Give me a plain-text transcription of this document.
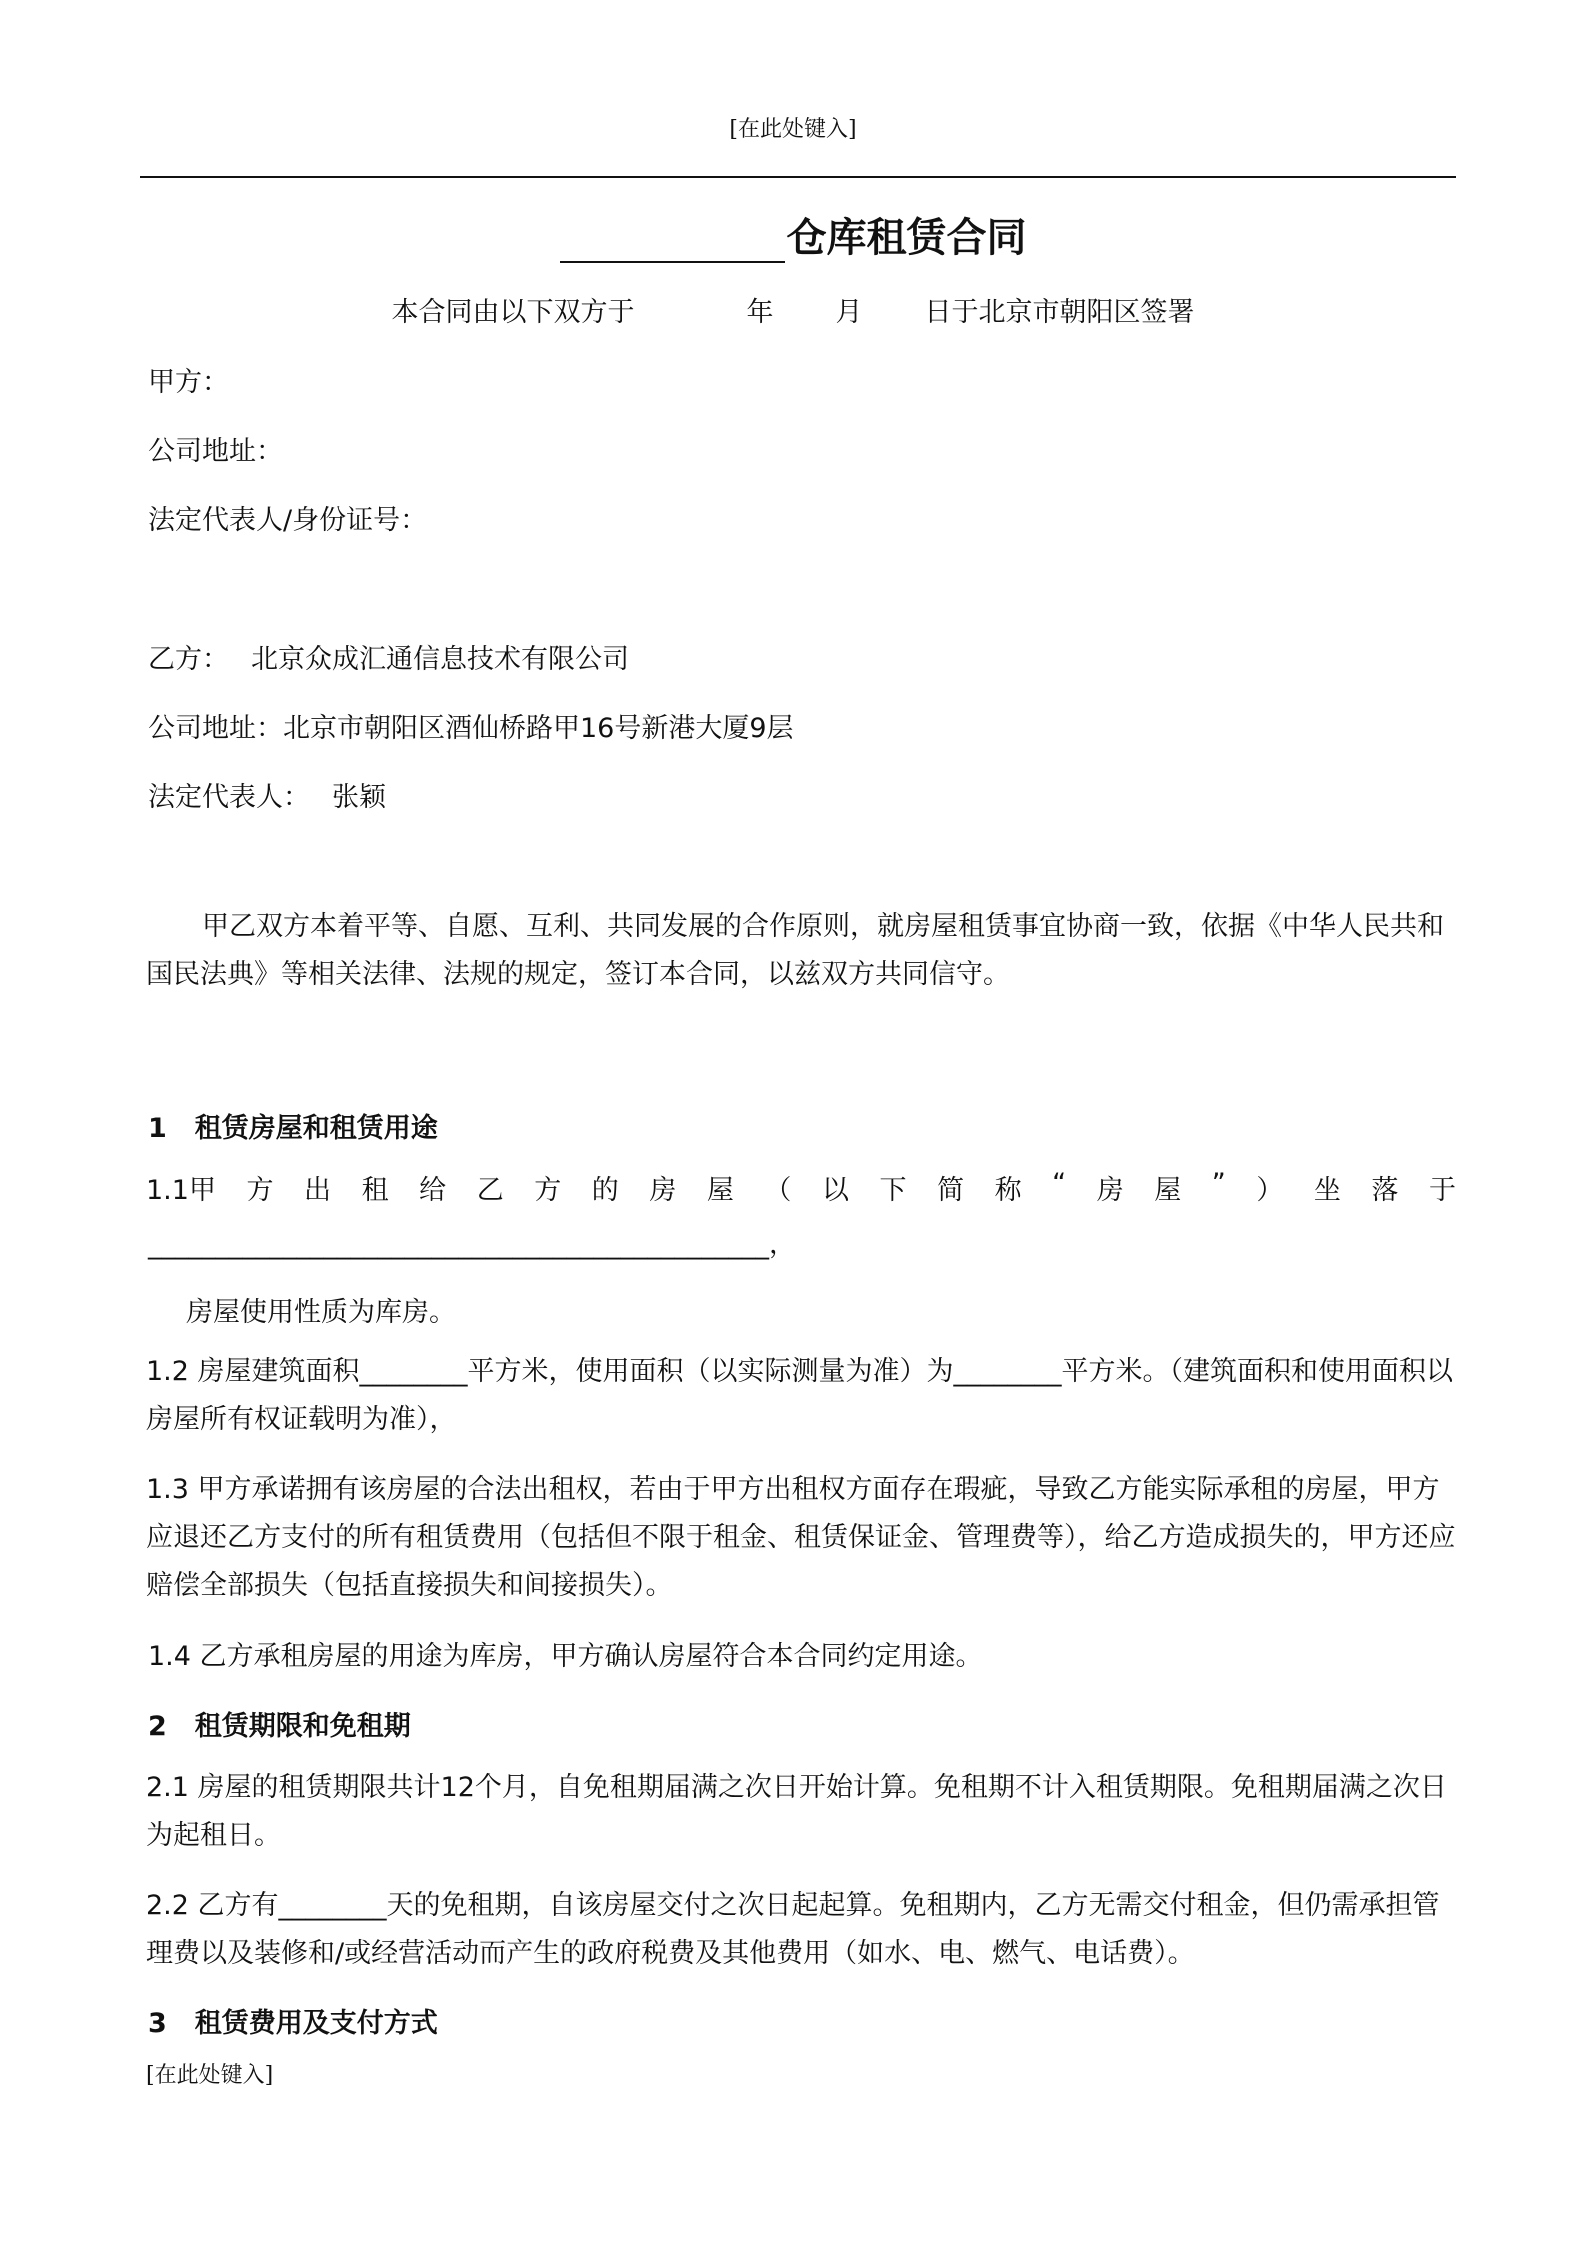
[在此处键入]
仓库租赁合同
本合同由以下双方于	年 月 日于北京市朝阳区签署
甲方：
公司地址：
法定代表人/身份证号：
乙方： 北京众成汇通信息技术有限公司
公司地址：北京市朝阳区酒仙桥路甲16号新港大厦9层
法定代表人： 张颖
甲乙双方本着平等、自愿、互利、共同发展的合作原则，就房屋租赁事宜协商一致，依据《中华人民共和国民法典》等相关法律、法规的规定，签订本合同，以兹双方共同信守。
1 租赁房屋和租赁用途
1.1甲 方 出 租 给 乙 方 的 房 屋 （ 以 下 简 称 “ 房 屋 ” ） 坐 落 于
______________________________________________，
房屋使用性质为库房。
1.2 房屋建筑面积________平方米，使用面积（以实际测量为准）为________平方米。（建筑面积和使用面积以房屋所有权证载明为准），
1.3 甲方承诺拥有该房屋的合法出租权，若由于甲方出租权方面存在瑕疵，导致乙方能实际承租的房屋，甲方应退还乙方支付的所有租赁费用（包括但不限于租金、租赁保证金、管理费等），给乙方造成损失的，甲方还应赔偿全部损失（包括直接损失和间接损失）。
1.4 乙方承租房屋的用途为库房，甲方确认房屋符合本合同约定用途。
2 租赁期限和免租期
2.1 房屋的租赁期限共计12个月，自免租期届满之次日开始计算。免租期不计入租赁期限。免租期届满之次日为起租日。
2.2 乙方有________天的免租期，自该房屋交付之次日起起算。免租期内，乙方无需交付租金，但仍需承担管理费以及装修和/或经营活动而产生的政府税费及其他费用（如水、电、燃气、电话费）。
3 租赁费用及支付方式
[在此处键入]
